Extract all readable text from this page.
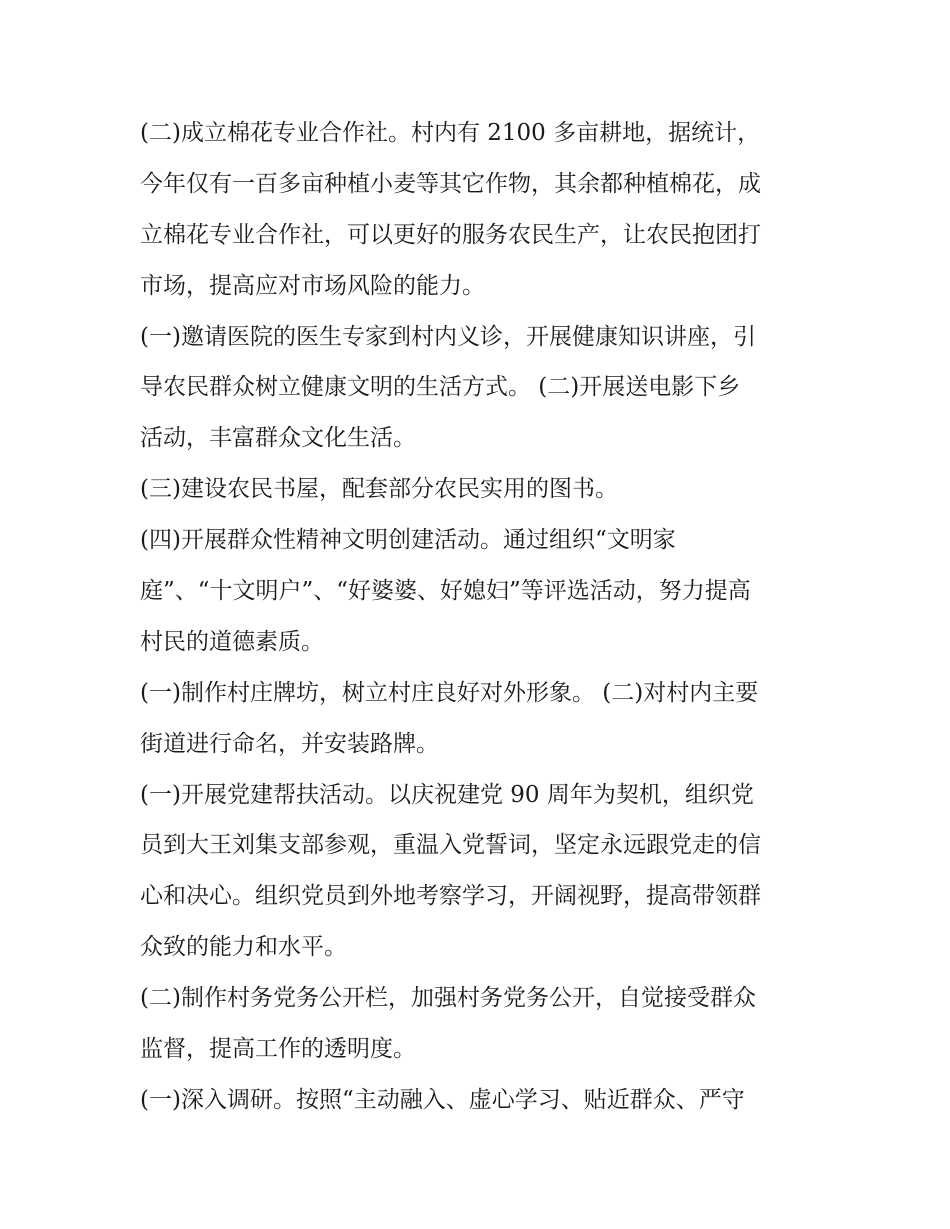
(二)成立棉花专业合作社。村内有 2100 多亩耕地，据统计，
今年仅有一百多亩种植小麦等其它作物，其余都种植棉花，成
立棉花专业合作社，可以更好的服务农民生产，让农民抱团打
市场，提高应对市场风险的能力。
(一)邀请医院的医生专家到村内义诊，开展健康知识讲座，引
导农民群众树立健康文明的生活方式。 (二)开展送电影下乡
活动，丰富群众文化生活。
(三)建设农民书屋，配套部分农民实用的图书。
(四)开展群众性精神文明创建活动。通过组织“文明家
庭”、“十文明户”、“好婆婆、好媳妇”等评选活动，努力提高
村民的道德素质。
(一)制作村庄牌坊，树立村庄良好对外形象。 (二)对村内主要
街道进行命名，并安装路牌。
(一)开展党建帮扶活动。以庆祝建党 90 周年为契机，组织党
员到大王刘集支部参观，重温入党誓词，坚定永远跟党走的信
心和决心。组织党员到外地考察学习，开阔视野，提高带领群
众致的能力和水平。
(二)制作村务党务公开栏，加强村务党务公开，自觉接受群众
监督，提高工作的透明度。
(一)深入调研。按照“主动融入、虚心学习、贴近群众、严守
